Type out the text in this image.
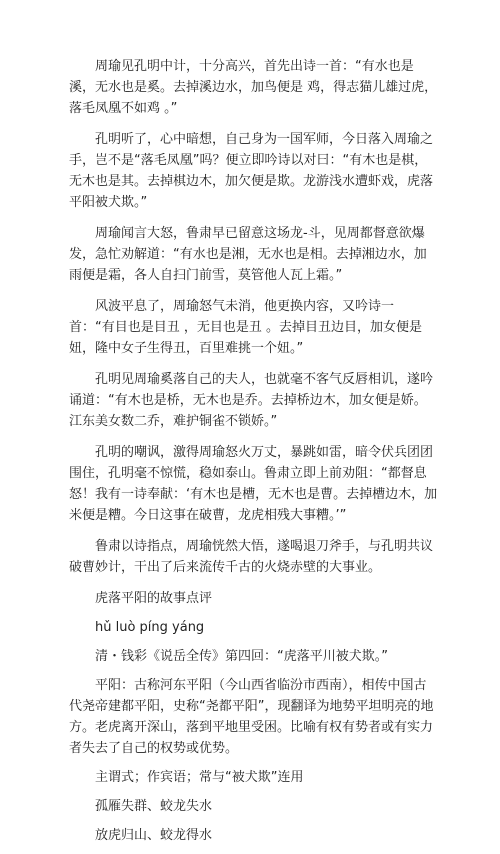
周瑜见孔明中计，十分高兴，首先出诗一首：“有水也是溪，无水也是奚。去掉溪边水，加鸟便是 鸡，得志猫儿雄过虎，落毛凤凰不如鸡 。”

孔明听了，心中暗想，自己身为一国军师，今日落入周瑜之手，岂不是“落毛凤凰”吗？便立即吟诗以对曰：“有木也是棋，无木也是其。去掉棋边木，加欠便是欺。龙游浅水遭虾戏，虎落平阳被犬欺。”

周瑜闻言大怒，鲁肃早已留意这场龙-斗，见周都督意欲爆发，急忙劝解道：“有水也是湘，无水也是相。去掉湘边水，加雨便是霜，各人自扫门前雪，莫管他人瓦上霜。”

风波平息了，周瑜怒气未消，他更换内容，又吟诗一首：“有目也是目丑 ，无目也是丑 。去掉目丑边目，加女便是妞，隆中女子生得丑，百里难挑一个妞。”

孔明见周瑜奚落自己的夫人，也就毫不客气反唇相讥，遂吟诵道：“有木也是桥，无木也是乔。去掉桥边木，加女便是娇。江东美女数二乔，难护铜雀不锁娇。”

孔明的嘲讽，激得周瑜怒火万丈，暴跳如雷，暗令伏兵团团围住，孔明毫不惊慌，稳如泰山。鲁肃立即上前劝阻：“都督息怒！我有一诗奉献：‘有木也是槽，无木也是曹。去掉槽边木，加米便是糟。今日这事在破曹，龙虎相残大事糟。’”

鲁肃以诗指点，周瑜恍然大悟，遂喝退刀斧手，与孔明共议破曹妙计，干出了后来流传千古的火烧赤壁的大事业。

虎落平阳的故事点评

hǔ luò píng yáng

清・钱彩《说岳全传》第四回：“虎落平川被犬欺。”

平阳：古称河东平阳（今山西省临汾市西南），相传中国古代尧帝建都平阳，史称“尧都平阳”，现翻译为地势平坦明亮的地方。老虎离开深山，落到平地里受困。比喻有权有势者或有实力者失去了自己的权势或优势。

主谓式；作宾语；常与“被犬欺”连用

孤雁失群、蛟龙失水

放虎归山、蛟龙得水
